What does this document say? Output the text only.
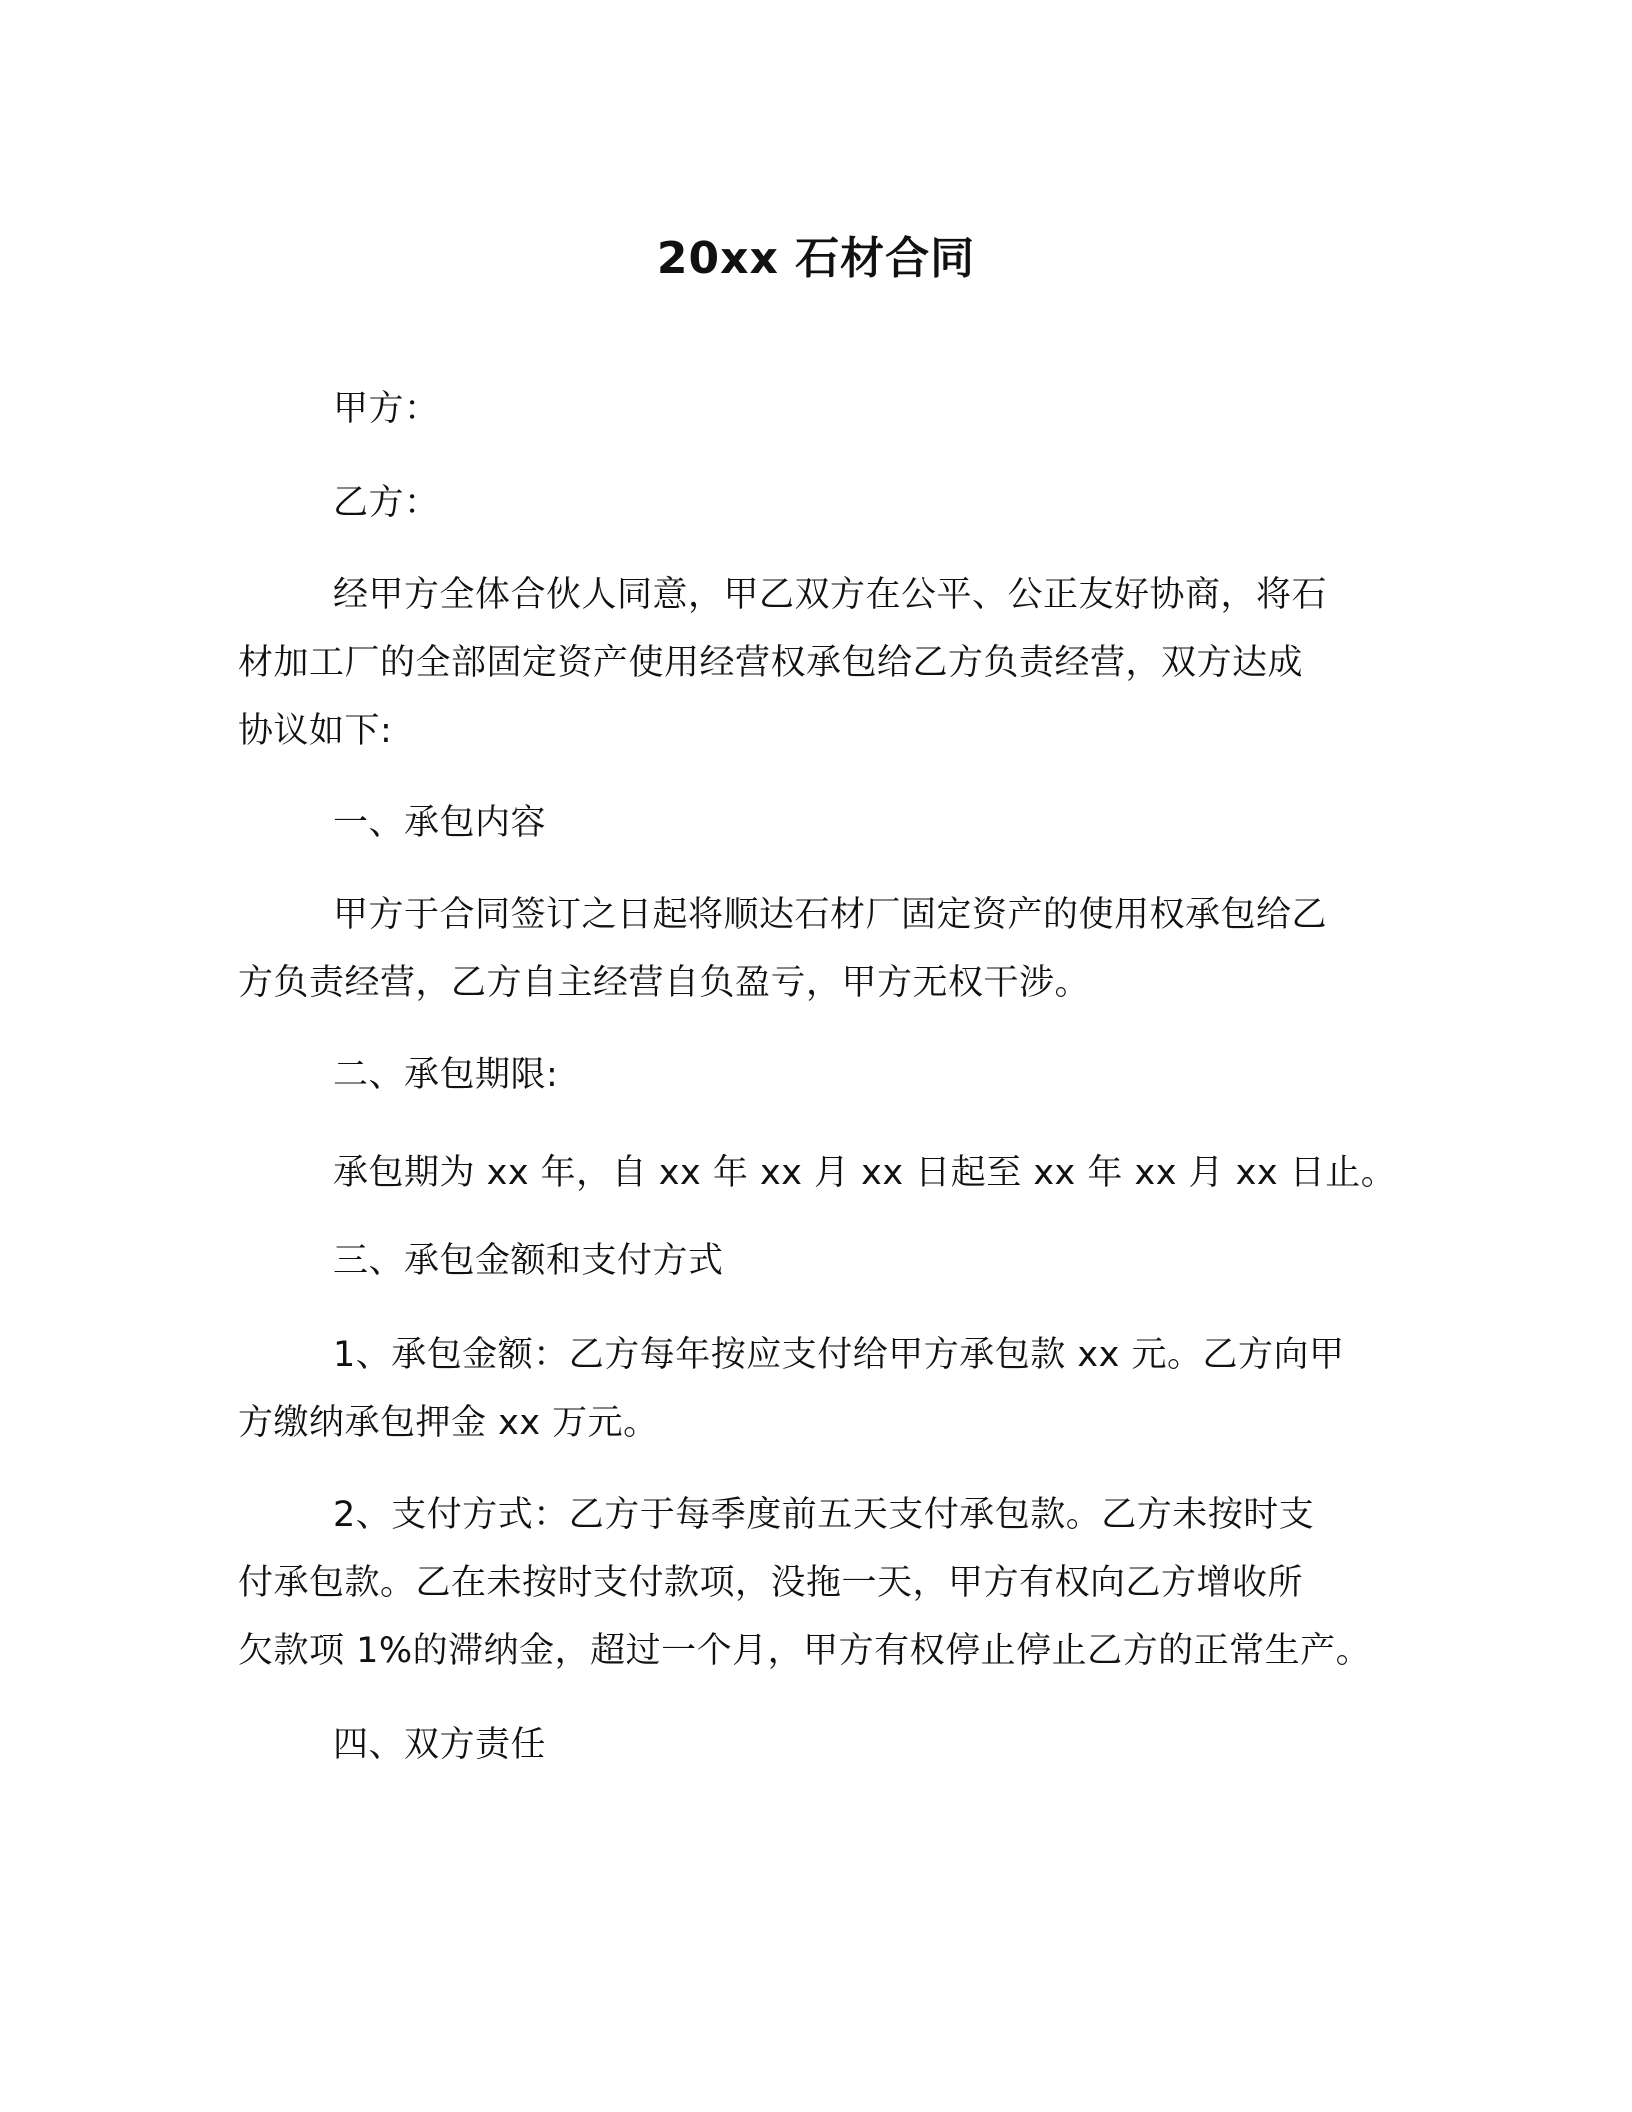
20xx 石材合同
甲方：
乙方：
经甲方全体合伙人同意，甲乙双方在公平、公正友好协商，将石
材加工厂的全部固定资产使用经营权承包给乙方负责经营，双方达成
协议如下:
一、承包内容
甲方于合同签订之日起将顺达石材厂固定资产的使用权承包给乙
方负责经营，乙方自主经营自负盈亏，甲方无权干涉。
二、承包期限:
承包期为 xx 年，自 xx 年 xx 月 xx 日起至 xx 年 xx 月 xx 日止。
三、承包金额和支付方式
1、承包金额：乙方每年按应支付给甲方承包款 xx 元。乙方向甲
方缴纳承包押金 xx 万元。
2、支付方式：乙方于每季度前五天支付承包款。乙方未按时支
付承包款。乙在未按时支付款项，没拖一天，甲方有权向乙方增收所
欠款项 1%的滞纳金，超过一个月，甲方有权停止停止乙方的正常生产。
四、双方责任
